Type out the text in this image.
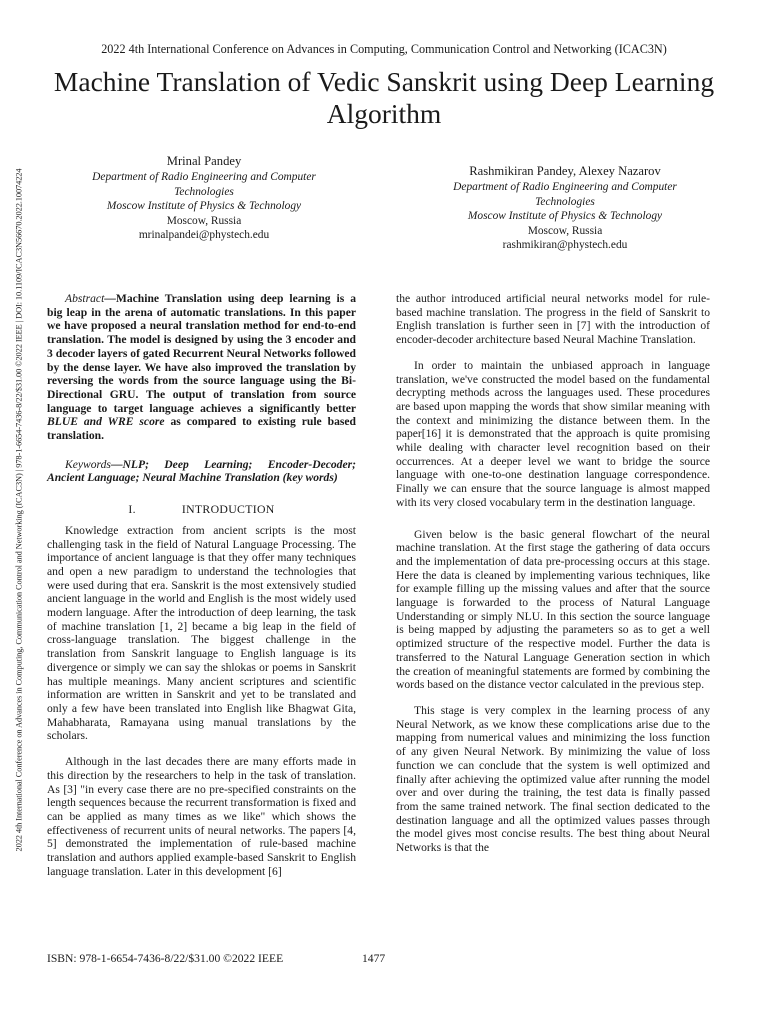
2022 4th International Conference on Advances in Computing, Communication Control and Networking (ICAC3N)
Machine Translation of Vedic Sanskrit using Deep Learning Algorithm
Mrinal Pandey
Department of Radio Engineering and Computer
Technologies
Moscow Institute of Physics & Technology
Moscow, Russia
mrinalpandei@phystech.edu
Rashmikiran Pandey, Alexey Nazarov
Department of Radio Engineering and Computer
Technologies
Moscow Institute of Physics & Technology
Moscow, Russia
rashmikiran@phystech.edu
2022 4th International Conference on Advances in Computing, Communication Control and Networking (ICAC3N) | 978-1-6654-7436-8/22/$31.00 ©2022 IEEE | DOI: 10.1109/ICAC3N56670.2022.10074224	Abstract—Machine Translation using deep learning is a big leap in the arena of automatic translations. In this paper we have proposed a neural translation method for end-to-end translation. The model is designed by using the 3 encoder and 3 decoder layers of gated Recurrent Neural Networks followed by the dense layer. We have also improved the translation by reversing the words from the source language using the Bi-Directional GRU. The output of translation from source language to target language achieves a significantly better BLUE and WRE score as compared to existing rule based translation.

Keywords—NLP; Deep Learning; Encoder-Decoder; Ancient Language; Neural Machine Translation (key words)

I.	INTRODUCTION

Knowledge extraction from ancient scripts is the most challenging task in the field of Natural Language Processing. The importance of ancient language is that they offer many techniques and open a new paradigm to understand the technologies that were used during that era. Sanskrit is the most extensively studied ancient language in the world and English is the most widely used modern language. After the introduction of deep learning, the task of machine translation [1, 2] became a big leap in the field of cross-language translation. The biggest challenge in the translation from Sanskrit language to English language is its divergence or simply we can say the shlokas or poems in Sanskrit has multiple meanings. Many ancient scriptures and scientific information are written in Sanskrit and yet to be translated and only a few have been translated into English like Bhagwat Gita, Mahabharata, Ramayana using manual translations by the scholars.

Although in the last decades there are many efforts made in this direction by the researchers to help in the task of translation. As [3] "in every case there are no pre-specified constraints on the length sequences because the recurrent transformation is fixed and can be applied as many times as we like" which shows the effectiveness of recurrent units of neural networks. The papers [4, 5] demonstrated the implementation of rule-based machine translation and authors applied example-based Sanskrit to English language translation. Later in this development [6]

the author introduced artificial neural networks model for rule-based machine translation. The progress in the field of Sanskrit to English translation is further seen in [7] with the introduction of encoder-decoder architecture based Neural Machine Translation.

In order to maintain the unbiased approach in language translation, we've constructed the model based on the fundamental decrypting methods across the languages used. These procedures are based upon mapping the words that show similar meaning with the context and minimizing the distance between them. In the paper[16] it is demonstrated that the approach is quite promising while dealing with character level recognition based on their occurrences. At a deeper level we want to bridge the source language with one-to-one destination language correspondence. Finally we can ensure that the source language is almost mapped with its very closed vocabulary term in the destination language.

Given below is the basic general flowchart of the neural machine translation. At the first stage the gathering of data occurs and the implementation of data pre-processing occurs at this stage. Here the data is cleaned by implementing various techniques, like for example filling up the missing values and after that the source language is forwarded to the process of Natural Language Understanding or simply NLU. In this section the source language is being mapped by adjusting the parameters so as to get a well optimized structure of the respective model. Further the data is transferred to the Natural Language Generation section in which the creation of meaningful statements are formed by combining the words based on the distance vector calculated in the previous step.

This stage is very complex in the learning process of any Neural Network, as we know these complications arise due to the mapping from numerical values and minimizing the loss function of any given Neural Network. By minimizing the value of loss function we can conclude that the system is well optimized and finally after achieving the optimized value after running the model over and over during the training, the test data is finally passed from the same trained network. The final section dedicated to the destination language and all the optimized values passes through the model gives most concise results. The best thing about Neural Networks is that the

ISBN: 978-1-6654-7436-8/22/$31.00 ©2022 IEEE	1477
